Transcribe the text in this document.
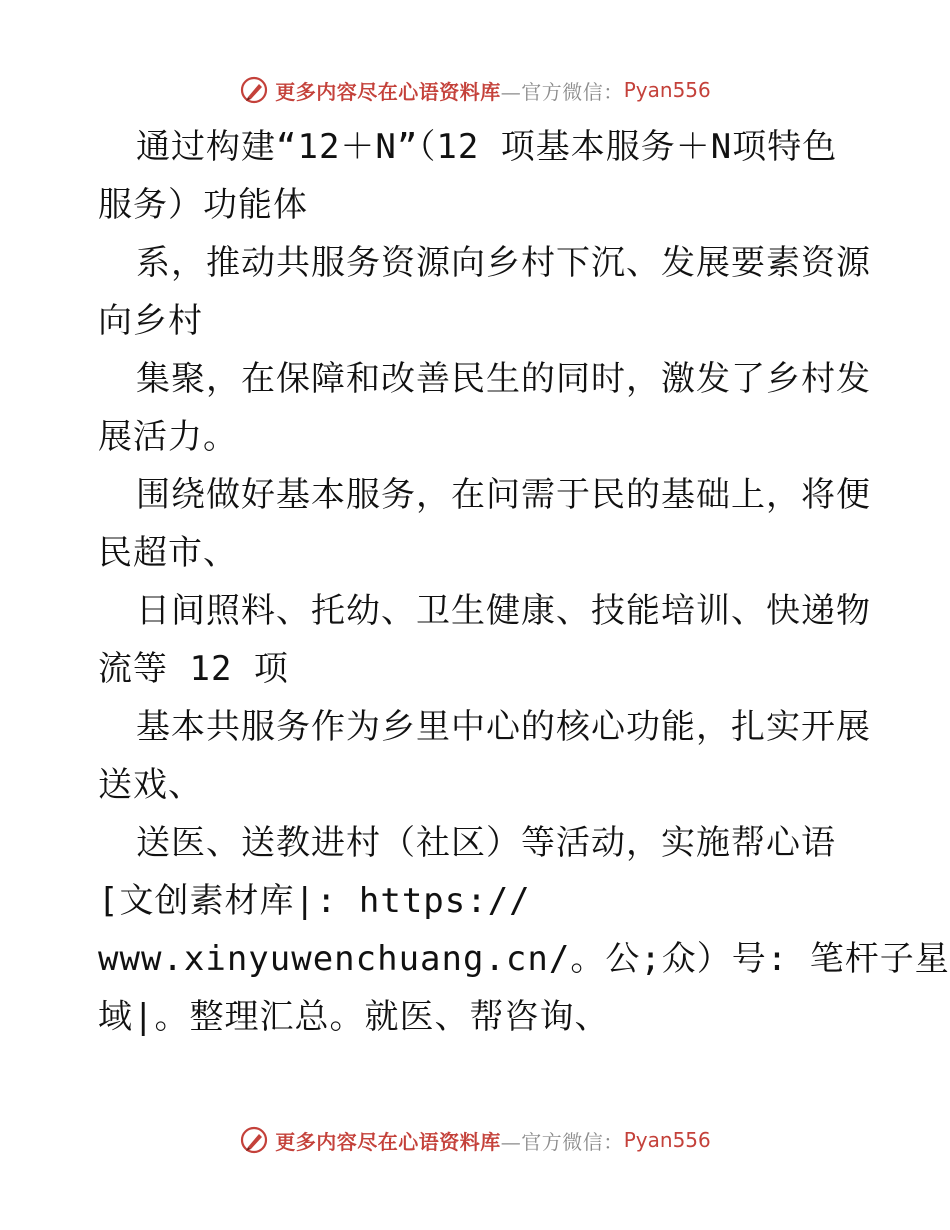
更多内容尽在心语资料库 —官方微信： Pyan556
通过构建“12＋N”（12 项基本服务＋N项特色
服务）功能体
系，推动共服务资源向乡村下沉、发展要素资源
向乡村
集聚，在保障和改善民生的同时，激发了乡村发
展活力。
围绕做好基本服务，在问需于民的基础上，将便
民超市、
日间照料、托幼、卫生健康、技能培训、快递物
流等 12 项
基本共服务作为乡里中心的核心功能，扎实开展
送戏、
送医、送教进村（社区）等活动，实施帮心语
[文创素材库|: https://
www.xinyuwenchuang.cn/。公;众）号: 笔杆子星
域|。整理汇总。就医、帮咨询、
更多内容尽在心语资料库 —官方微信： Pyan556
